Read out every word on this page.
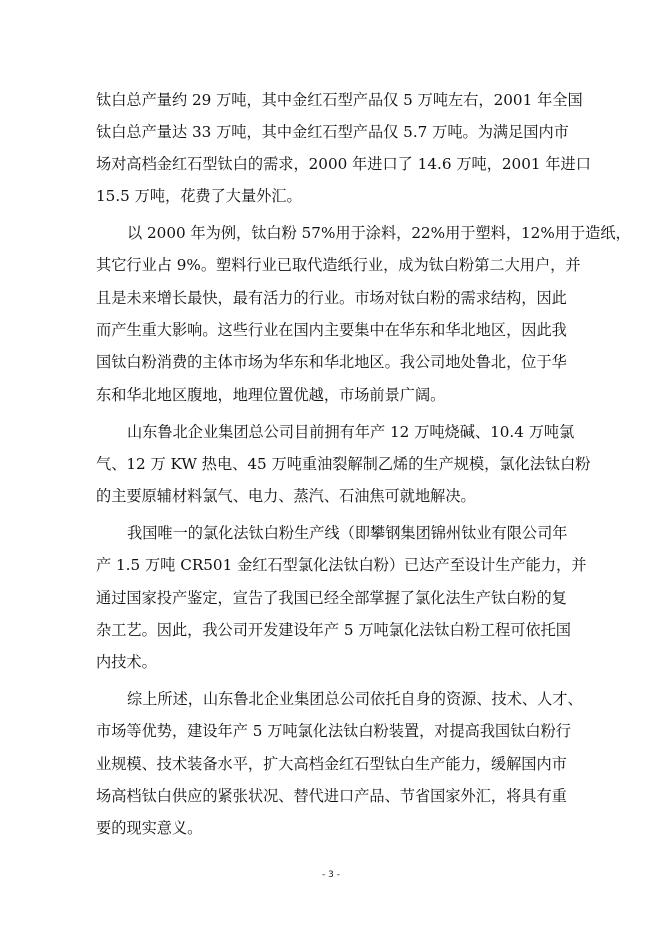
钛白总产量约 29 万吨，其中金红石型产品仅 5 万吨左右，2001 年全国
钛白总产量达 33 万吨，其中金红石型产品仅 5.7 万吨。为满足国内市
场对高档金红石型钛白的需求，2000 年进口了 14.6 万吨，2001 年进口
15.5 万吨，花费了大量外汇。
以 2000 年为例，钛白粉 57%用于涂料，22%用于塑料，12%用于造纸，
其它行业占 9%。塑料行业已取代造纸行业，成为钛白粉第二大用户，并
且是未来增长最快，最有活力的行业。市场对钛白粉的需求结构，因此
而产生重大影响。这些行业在国内主要集中在华东和华北地区，因此我
国钛白粉消费的主体市场为华东和华北地区。我公司地处鲁北，位于华
东和华北地区腹地，地理位置优越，市场前景广阔。
山东鲁北企业集团总公司目前拥有年产 12 万吨烧碱、10.4 万吨氯
气、12 万 KW 热电、45 万吨重油裂解制乙烯的生产规模，氯化法钛白粉
的主要原辅材料氯气、电力、蒸汽、石油焦可就地解决。
我国唯一的氯化法钛白粉生产线（即攀钢集团锦州钛业有限公司年
产 1.5 万吨 CR501 金红石型氯化法钛白粉）已达产至设计生产能力，并
通过国家投产鉴定，宣告了我国已经全部掌握了氯化法生产钛白粉的复
杂工艺。因此，我公司开发建设年产 5 万吨氯化法钛白粉工程可依托国
内技术。
综上所述，山东鲁北企业集团总公司依托自身的资源、技术、人才、
市场等优势，建设年产 5 万吨氯化法钛白粉装置，对提高我国钛白粉行
业规模、技术装备水平，扩大高档金红石型钛白生产能力，缓解国内市
场高档钛白供应的紧张状况、替代进口产品、节省国家外汇，将具有重
要的现实意义。
- 3 -
